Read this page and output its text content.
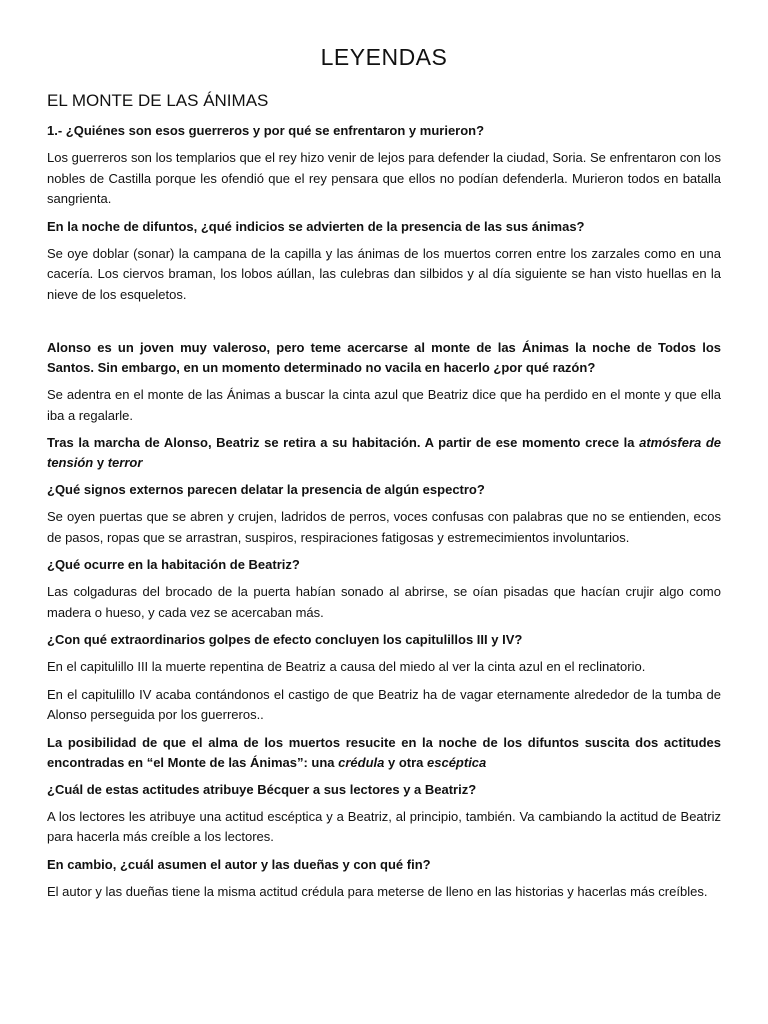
LEYENDAS
EL MONTE DE LAS ÁNIMAS

1.- ¿Quiénes son esos guerreros y por qué se enfrentaron y murieron?

Los guerreros son los templarios que el rey hizo venir de lejos para defender la ciudad, Soria. Se enfrentaron con los nobles de Castilla porque les ofendió que el rey pensara que ellos no podían defenderla. Murieron todos en batalla sangrienta.

En la noche de difuntos, ¿qué indicios se advierten de la presencia de las sus ánimas?

Se oye doblar (sonar) la campana de la capilla y las ánimas de los muertos corren entre los zarzales como en una cacería. Los ciervos braman, los lobos aúllan, las culebras dan silbidos y al día siguiente se han visto huellas en la nieve de los esqueletos.

Alonso es un joven muy valeroso, pero teme acercarse al monte de las Ánimas la noche de Todos los Santos. Sin embargo, en un momento determinado no vacila en hacerlo ¿por qué razón?

Se adentra en el monte de las Ánimas a buscar la cinta azul que Beatriz dice que ha perdido en el monte y que ella iba a regalarle.

Tras la marcha de Alonso, Beatriz se retira a su habitación. A partir de ese momento crece la atmósfera de tensión y terror

¿Qué signos externos parecen delatar la presencia de algún espectro?

Se oyen puertas que se abren y crujen, ladridos de perros, voces confusas con palabras que no se entienden, ecos de pasos, ropas que se arrastran, suspiros, respiraciones fatigosas y estremecimientos involuntarios.

¿Qué ocurre en la habitación de Beatriz?

Las colgaduras del brocado de la puerta habían sonado al abrirse, se oían pisadas que hacían crujir algo como madera o hueso, y cada vez se acercaban más.

¿Con qué extraordinarios golpes de efecto concluyen los capitulillos III y IV?

En el capitulillo III la muerte repentina de Beatriz a causa del miedo al ver la cinta azul en el reclinatorio.

En el capitulillo IV acaba contándonos el castigo de que Beatriz ha de vagar eternamente alrededor de la tumba de Alonso perseguida por los guerreros..

La posibilidad de que el alma de los muertos resucite en la noche de los difuntos suscita dos actitudes encontradas en “el Monte de las Ánimas”: una crédula y otra escéptica

¿Cuál de estas actitudes atribuye Bécquer a sus lectores y a Beatriz?

A los lectores les atribuye una actitud escéptica y a Beatriz, al principio, también. Va cambiando la actitud de Beatriz para hacerla más creíble a los lectores.

En cambio, ¿cuál asumen el autor y las dueñas y con qué fin?

El autor y las dueñas tiene la misma actitud crédula para meterse de lleno en las historias y hacerlas más creíbles.
